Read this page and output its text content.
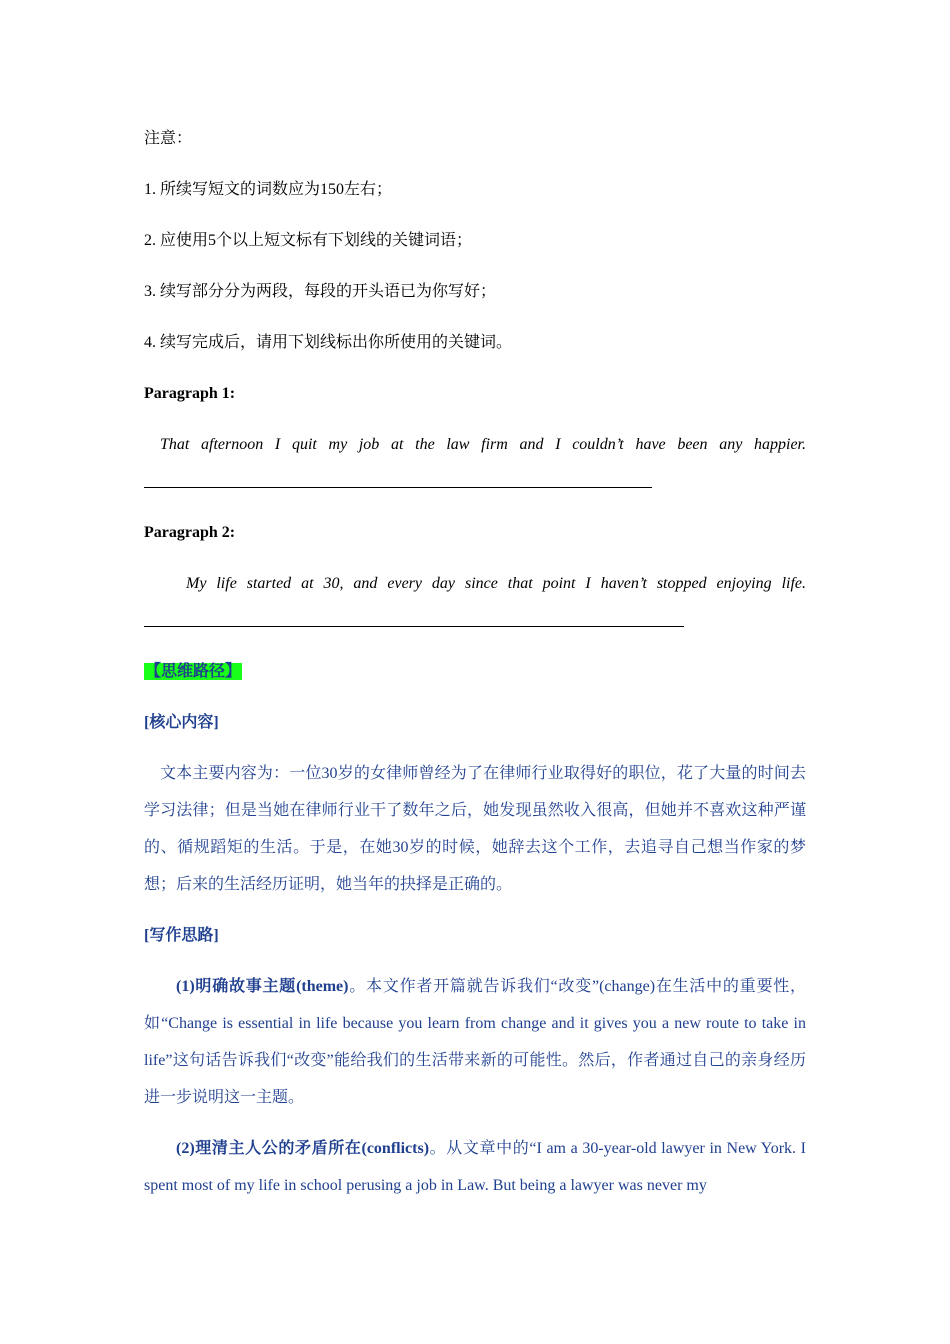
注意：

1. 所续写短文的词数应为150左右；

2. 应使用5个以上短文标有下划线的关键词语；

3. 续写部分分为两段，每段的开头语已为你写好；

4. 续写完成后，请用下划线标出你所使用的关键词。

Paragraph 1:

That afternoon I quit my job at the law firm and I couldn’t have been any happier.

Paragraph 2:

My life started at 30, and every day since that point I haven’t stopped enjoying life.

【思维路径】

[核心内容]

文本主要内容为：一位30岁的女律师曾经为了在律师行业取得好的职位，花了大量的时间去学习法律；但是当她在律师行业干了数年之后，她发现虽然收入很高，但她并不喜欢这种严谨的、循规蹈矩的生活。于是，在她30岁的时候，她辞去这个工作，去追寻自己想当作家的梦想；后来的生活经历证明，她当年的抉择是正确的。

[写作思路]

(1)明确故事主题(theme)。本文作者开篇就告诉我们“改变”(change)在生活中的重要性，如“Change is essential in life because you learn from change and it gives you a new route to take in life”这句话告诉我们“改变”能给我们的生活带来新的可能性。然后，作者通过自己的亲身经历进一步说明这一主题。

(2)理清主人公的矛盾所在(conflicts)。从文章中的“I am a 30-year-old lawyer in New York. I spent most of my life in school perusing a job in Law. But being a lawyer was never my
